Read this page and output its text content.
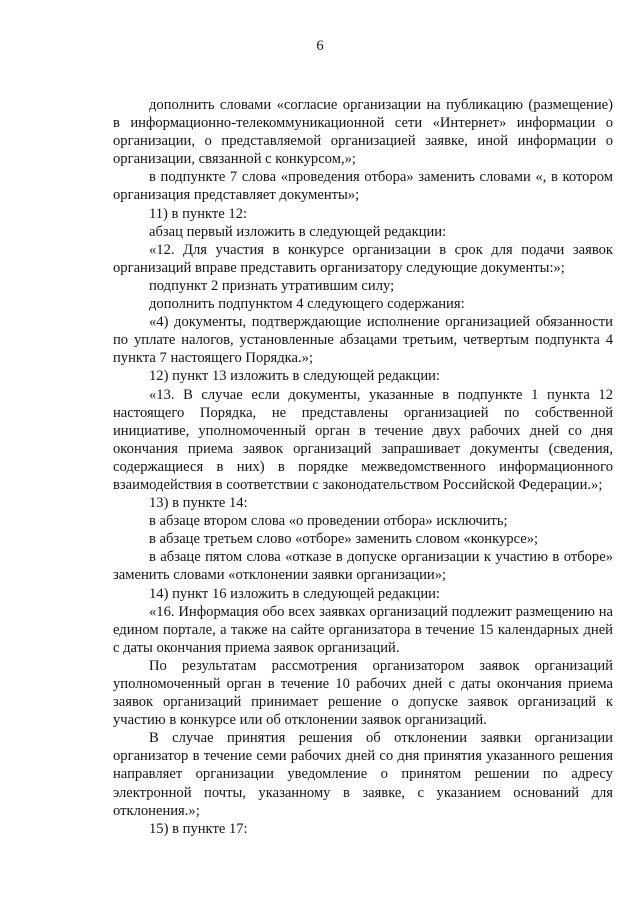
6

дополнить словами «согласие организации на публикацию (размещение) в информационно-телекоммуникационной сети «Интернет» информации о организации, о представляемой организацией заявке, иной информации о организации, связанной с конкурсом,»;

в подпункте 7 слова «проведения отбора» заменить словами «, в котором организация представляет документы»;

11) в пункте 12:

абзац первый изложить в следующей редакции:

«12. Для участия в конкурсе организации в срок для подачи заявок организаций вправе представить организатору следующие документы:»;

подпункт 2 признать утратившим силу;

дополнить подпунктом 4 следующего содержания:

«4) документы, подтверждающие исполнение организацией обязанности по уплате налогов, установленные абзацами третьим, четвертым подпункта 4 пункта 7 настоящего Порядка.»;

12) пункт 13 изложить в следующей редакции:

«13. В случае если документы, указанные в подпункте 1 пункта 12 настоящего Порядка, не представлены организацией по собственной инициативе, уполномоченный орган в течение двух рабочих дней со дня окончания приема заявок организаций запрашивает документы (сведения, содержащиеся в них) в порядке межведомственного информационного взаимодействия в соответствии с законодательством Российской Федерации.»;

13) в пункте 14:

в абзаце втором слова «о проведении отбора» исключить;

в абзаце третьем слово «отборе» заменить словом «конкурсе»;

в абзаце пятом слова «отказе в допуске организации к участию в отборе» заменить словами «отклонении заявки организации»;

14) пункт 16 изложить в следующей редакции:

«16. Информация обо всех заявках организаций подлежит размещению на едином портале, а также на сайте организатора в течение 15 календарных дней с даты окончания приема заявок организаций.

По результатам рассмотрения организатором заявок организаций уполномоченный орган в течение 10 рабочих дней с даты окончания приема заявок организаций принимает решение о допуске заявок организаций к участию в конкурсе или об отклонении заявок организаций.

В случае принятия решения об отклонении заявки организации организатор в течение семи рабочих дней со дня принятия указанного решения направляет организации уведомление о принятом решении по адресу электронной почты, указанному в заявке, с указанием оснований для отклонения.»;

15) в пункте 17:
